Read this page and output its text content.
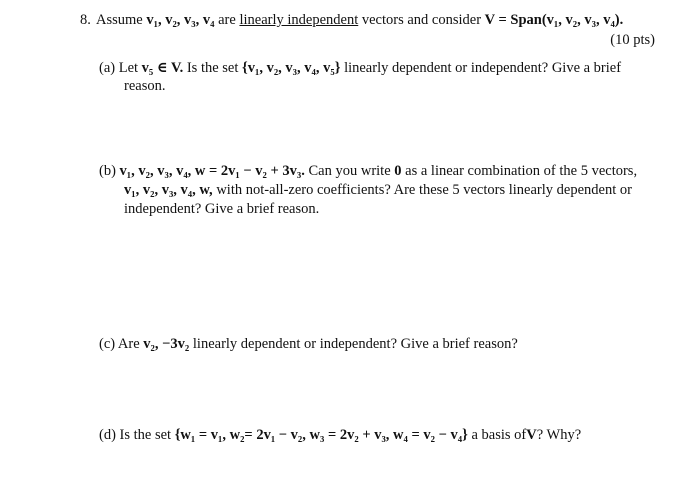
8. Assume v₁, v₂, v₃, v₄ are linearly independent vectors and consider V = Span(v₁, v₂, v₃, v₄).
(10 pts)
(a) Let v₅ ∈ V. Is the set {v₁, v₂, v₃, v₄, v₅} linearly dependent or independent? Give a brief
reason.
(b) v₁, v₂, v₃, v₄, w = 2v₁ − v₂ + 3v₃. Can you write 0 as a linear combination of the 5 vectors,
v₁, v₂, v₃, v₄, w, with not-all-zero coefficients? Are these 5 vectors linearly dependent or
independent? Give a brief reason.
(c) Are v₂, −3v₂ linearly dependent or independent? Give a brief reason?
(d) Is the set {w₁ = v₁, w₂= 2v₁ − v₂, w₃ = 2v₂ + v₃, w₄ = v₂ − v₄} a basis ofV? Why?
